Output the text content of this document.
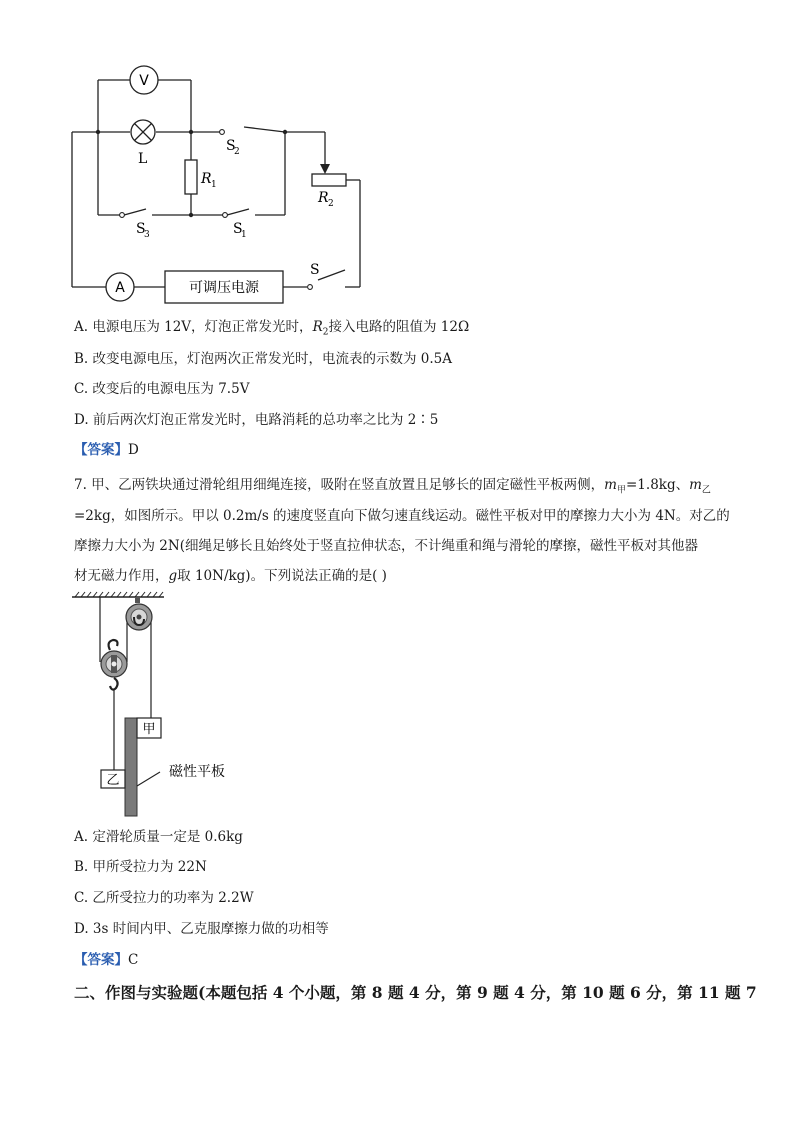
V
L
R 1
R 2
S
2
S
3	S
1
S
A	可调压电源
A. 电源电压为 12V，灯泡正常发光时，$R_2$接入电路的阻值为 12Ω
B. 改变电源电压，灯泡两次正常发光时，电流表的示数为 0.5A
C. 改变后的电源电压为 7.5V
D. 前后两次灯泡正常发光时，电路消耗的总功率之比为 2∶5
【答案】D
7. 甲、乙两铁块通过滑轮组用细绳连接，吸附在竖直放置且足够长的固定磁性平板两侧，$m_甲=1.8kg$、$m_乙$
=2kg，如图所示。甲以 0.2m/s 的速度竖直向下做匀速直线运动。磁性平板对甲的摩擦力大小为 4N。对乙的
摩擦力大小为 2N(细绳足够长且始终处于竖直拉伸状态，不计绳重和绳与滑轮的摩擦，磁性平板对其他器
材无磁力作用，g取 10N/kg)。下列说法正确的是( )
甲
乙
磁性平板
A. 定滑轮质量一定是 0.6kg
B. 甲所受拉力为 22N
C. 乙所受拉力的功率为 2.2W
D. 3s 时间内甲、乙克服摩擦力做的功相等
【答案】C
二、作图与实验题(本题包括 4 个小题，第 8 题 4 分，第 9 题 4 分，第 10 题 6 分，第 11 题 7
